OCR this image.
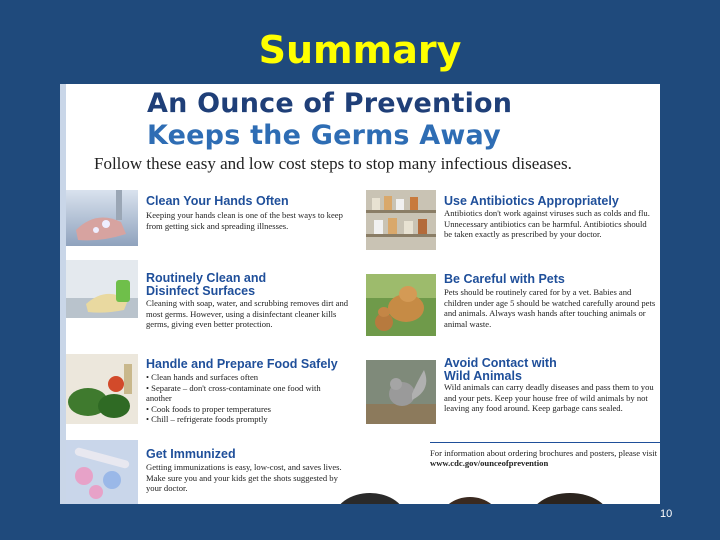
Summary
An Ounce of Prevention
Keeps the Germs Away
Follow these easy and low cost steps to stop many infectious diseases.
Clean Your Hands Often
Keeping your hands clean is one of the best ways to keep from getting sick and spreading illnesses.
Use Antibiotics Appropriately
Antibiotics don't work against viruses such as colds and flu. Unnecessary antibiotics can be harmful. Antibiotics should be taken exactly as prescribed by your doctor.
Routinely Clean and Disinfect Surfaces
Cleaning with soap, water, and scrubbing removes dirt and most germs. However, using a disinfectant cleaner kills germs, giving even better protection.
Be Careful with Pets
Pets should be routinely cared for by a vet. Babies and children under age 5 should be watched carefully around pets and animals. Always wash hands after touching animals or animal waste.
Handle and Prepare Food Safely
• Clean hands and surfaces often
• Separate – don't cross-contaminate one food with another
• Cook foods to proper temperatures
• Chill – refrigerate foods promptly
Avoid Contact with Wild Animals
Wild animals can carry deadly diseases and pass them to you and your pets. Keep your house free of wild animals by not leaving any food around. Keep garbage cans sealed.
Get Immunized
Getting immunizations is easy, low-cost, and saves lives. Make sure you and your kids get the shots suggested by your doctor.
For information about ordering brochures and posters, please visit www.cdc.gov/ounceofprevention
10
